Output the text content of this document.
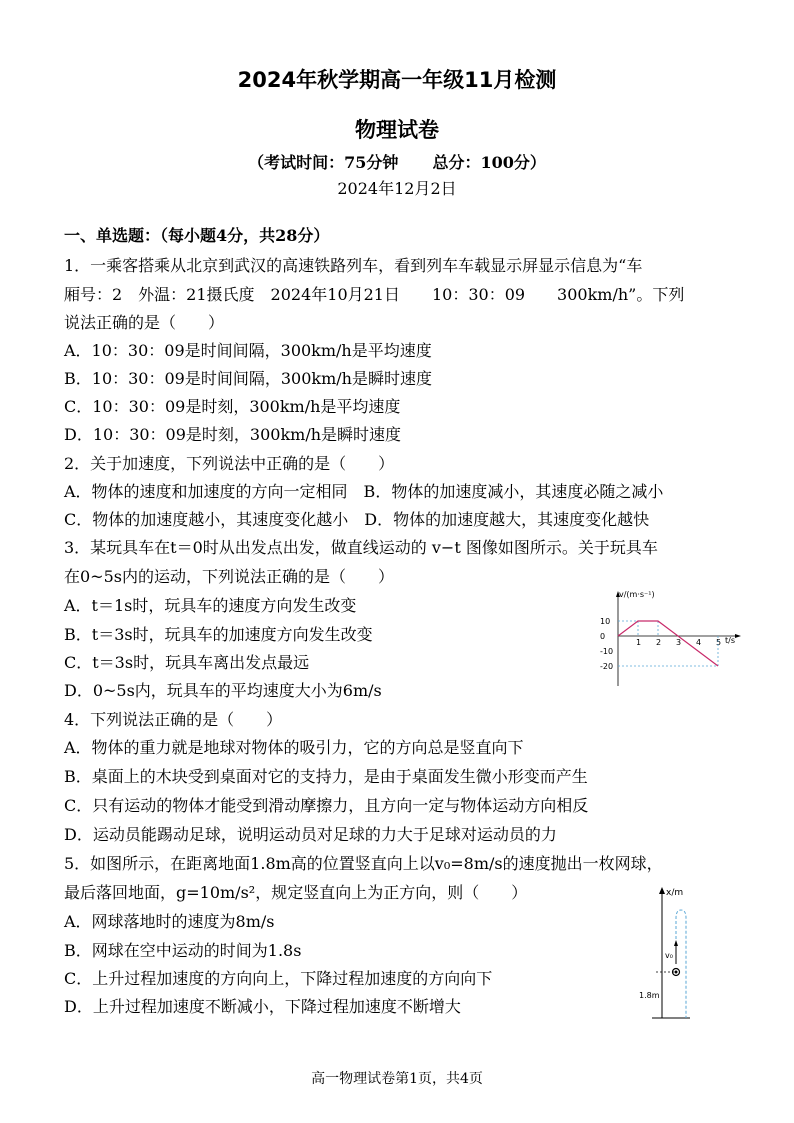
2024年秋学期高一年级11月检测
物理试卷
（考试时间：75分钟 总分：100分）
2024年12月2日
一、单选题：（每小题4分，共28分）
1．一乘客搭乘从北京到武汉的高速铁路列车，看到列车车载显示屏显示信息为“车
厢号：2　外温：21摄氏度　2024年10月21日　　10：30：09　　300km/h”。下列
说法正确的是（　　）
A．10：30：09是时间间隔，300km/h是平均速度
B．10：30：09是时间间隔，300km/h是瞬时速度
C．10：30：09是时刻，300km/h是平均速度
D．10：30：09是时刻，300km/h是瞬时速度
2．关于加速度，下列说法中正确的是（　　）
A．物体的速度和加速度的方向一定相同　B．物体的加速度减小，其速度必随之减小
C．物体的加速度越小，其速度变化越小　D．物体的加速度越大，其速度变化越快
3．某玩具车在t＝0时从出发点出发，做直线运动的 v−t 图像如图所示。关于玩具车
在0~5s内的运动，下列说法正确的是（　　）
A．t＝1s时，玩具车的速度方向发生改变
B．t＝3s时，玩具车的加速度方向发生改变
C．t＝3s时，玩具车离出发点最远
D．0~5s内，玩具车的平均速度大小为6m/s
4．下列说法正确的是（　　）
A．物体的重力就是地球对物体的吸引力，它的方向总是竖直向下
B．桌面上的木块受到桌面对它的支持力，是由于桌面发生微小形变而产生
C．只有运动的物体才能受到滑动摩擦力，且方向一定与物体运动方向相反
D．运动员能踢动足球，说明运动员对足球的力大于足球对运动员的力
5．如图所示，在距离地面1.8m高的位置竖直向上以v₀=8m/s的速度抛出一枚网球，
最后落回地面，g=10m/s²，规定竖直向上为正方向，则（　　）
A．网球落地时的速度为8m/s
B．网球在空中运动的时间为1.8s
C．上升过程加速度的方向向上，下降过程加速度的方向向下
D．上升过程加速度不断减小，下降过程加速度不断增大
v/(m·s⁻¹)
t/s
10
0
-10
-20
1 2 3 4 5
x/m
v₀
1.8m
高一物理试卷第1页，共4页
